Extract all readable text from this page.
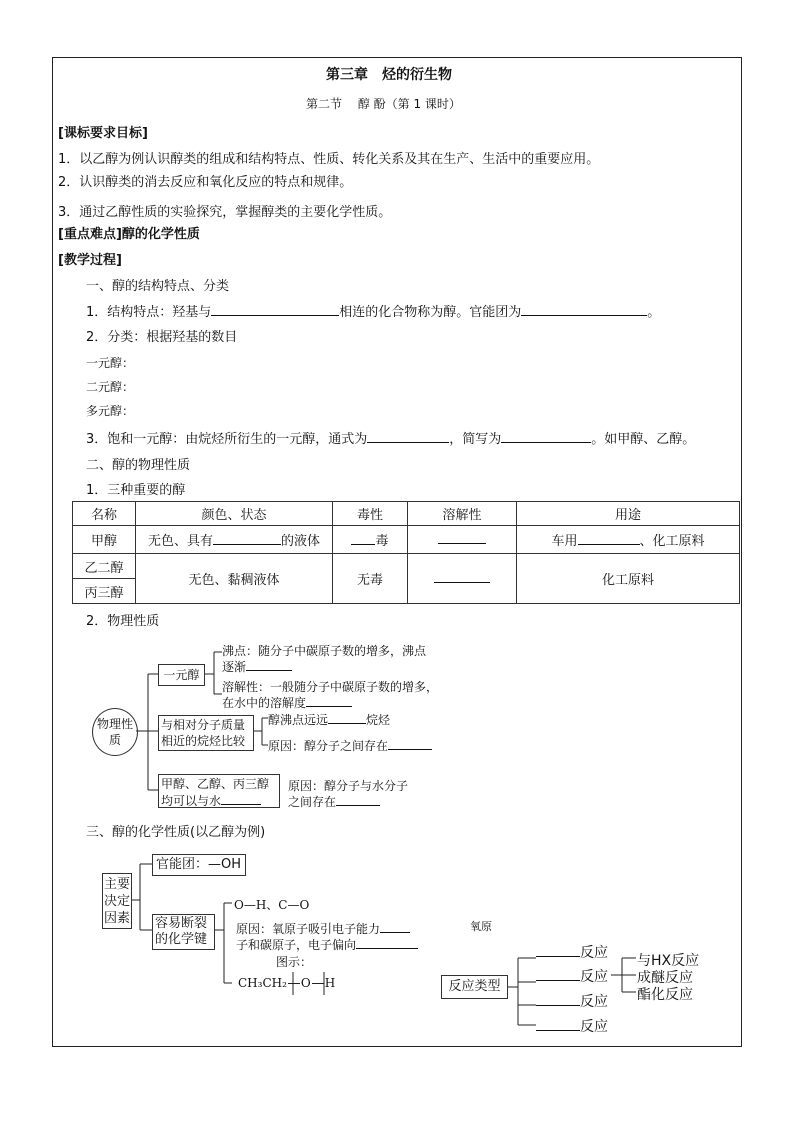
第三章　烃的衍生物
第二节　 醇 酚（第 1 课时）
[课标要求目标]
1．以乙醇为例认识醇类的组成和结构特点、性质、转化关系及其在生产、生活中的重要应用。
2．认识醇类的消去反应和氧化反应的特点和规律。
3．通过乙醇性质的实验探究，掌握醇类的主要化学性质。
[重点难点]醇的化学性质
[教学过程]
一、醇的结构特点、分类
1．结构特点：羟基与	相连的化合物称为醇。官能团为	。
2．分类：根据羟基的数目
一元醇：
二元醇：
多元醇：
3．饱和一元醇：由烷烃所衍生的一元醇，通式为	，简写为	。如甲醇、乙醇。
二、醇的物理性质
1．三种重要的醇
名称	颜色、状态	毒性	溶解性	用途
甲醇	无色、具有 的液体	毒		车用 、化工原料
乙二醇	无色、黏稠液体	无毒		化工原料
丙三醇				
2．物理性质
物理性质
一元醇
沸点：随分子中碳原子数的增多，沸点
逐渐
溶解性：一般随分子中碳原子数的增多，
在水中的溶解度
与相对分子质量相近的烷烃比较
醇沸点远远	烷烃
原因：醇分子之间存在
甲醇、乙醇、丙三醇均可以与水
原因：醇分子与水分子
之间存在
三、醇的化学性质(以乙醇为例)
主要决定因素
官能团：—OH
容易断裂的化学键
O—H、C—O
原因：氧原子吸引电子能力	氧原
子和碳原子，电子偏向
图示：
CH₃CH₂ O H	反应类型
反应
反应
反应
反应
与HX反应
成醚反应
酯化反应
